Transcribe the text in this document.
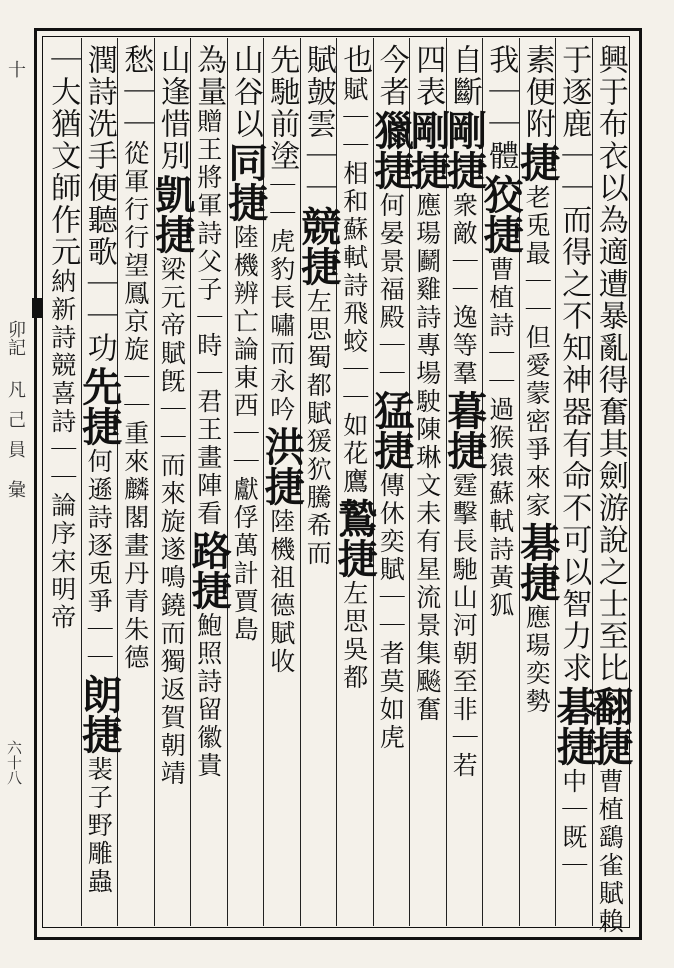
十
卯記
凡
己
員
彙
六十八
興于布衣以為適遭暴亂得奮其劍游說之士至比
翻捷
曹植鷂雀賦賴
于逐鹿｜｜而得之不知神器有命不可以智力求
碁捷
中｜既｜
素便附
捷
老兎最｜｜但愛蒙密爭來家
碁捷
應瑒奕勢
我｜｜體
狡捷
曹植詩｜｜過猴猿蘇軾詩黃狐
自斷
剛捷
衆敵｜｜逸等羣
暮捷
霆擊長馳山河朝至非｜若
四表
剛捷
應瑒鬬雞詩專場駛
陳琳文未有星流景集飈奮
今者
獵捷
何晏景福殿｜｜
猛捷
傳休奕賦｜｜者莫如虎
也
賦｜｜相和
蘇軾詩飛蛟｜｜如花鷹
鷙捷
左思吳都
賦皷雲｜｜
競捷
左思蜀都賦猨狖騰希而
先馳前塗
｜｜虎豹長嘯而永吟
洪捷
陸機祖德賦收
山谷以
同捷
陸機辨亡論東西｜｜獻俘萬計賈島
為量
贈王將軍詩父子｜時｜君王畫陣看
路捷
鮑照詩留徽貴
山逢惜別
凱捷
梁元帝賦旣｜｜而來旋遂鳴鐃而獨返賀朝靖
愁｜｜
從軍行行望鳳京旋｜｜重來麟閣畫丹青朱德
潤詩洗手便聽歌｜｜功
先捷
何遜詩逐兎爭｜｜
朗捷
裴子野雕蟲
｜大猶文師作元
納新詩競喜詩｜｜
論序宋明帝
